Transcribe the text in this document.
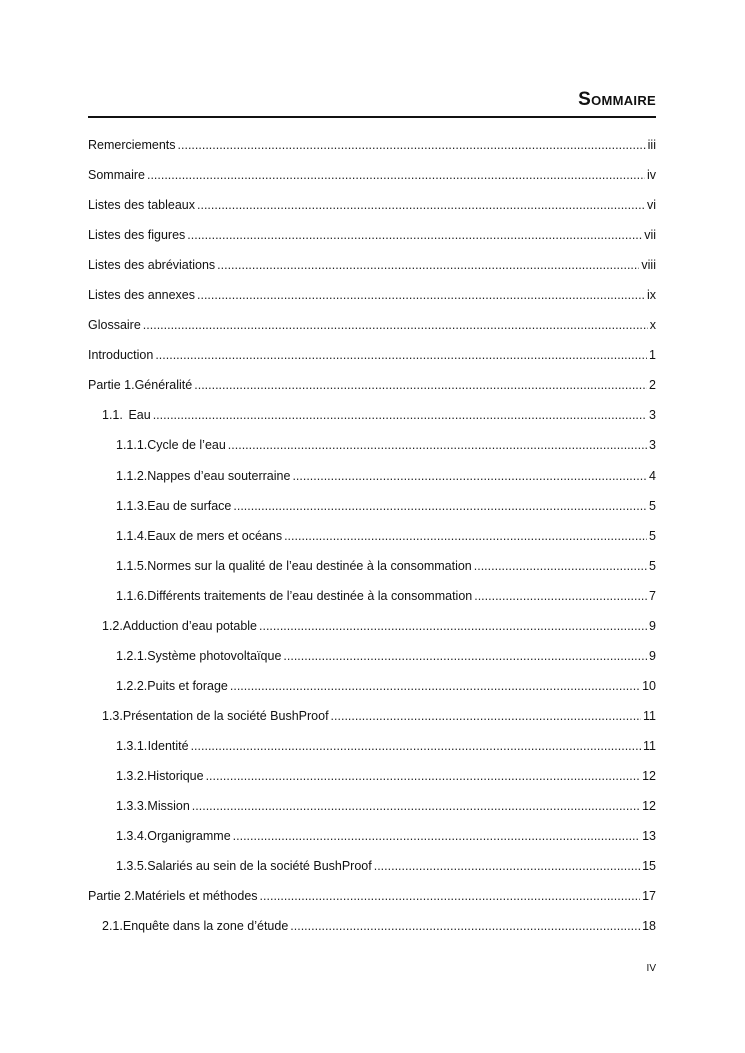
Sommaire
Remerciements .....	iii
Sommaire .....	iv
Listes des tableaux .....	vi
Listes des figures .....	vii
Listes des abréviations .....	viii
Listes des annexes .....	ix
Glossaire .....	x
Introduction .....	1
Partie 1. Généralité .....	2
1.1. Eau .....	3
1.1.1. Cycle de l’eau .....	3
1.1.2. Nappes d’eau souterraine .....	4
1.1.3. Eau de surface .....	5
1.1.4. Eaux de mers et océans .....	5
1.1.5. Normes sur la qualité de l’eau destinée à la consommation .....	5
1.1.6. Différents traitements de l’eau destinée à la consommation .....	7
1.2. Adduction d’eau potable .....	9
1.2.1. Système photovoltaïque .....	9
1.2.2. Puits et forage .....	10
1.3. Présentation de la société BushProof .....	11
1.3.1. Identité .....	11
1.3.2. Historique .....	12
1.3.3. Mission .....	12
1.3.4. Organigramme .....	13
1.3.5. Salariés au sein de la société BushProof .....	15
Partie 2. Matériels et méthodes .....	17
2.1. Enquête dans la zone d’étude .....	18
IV
